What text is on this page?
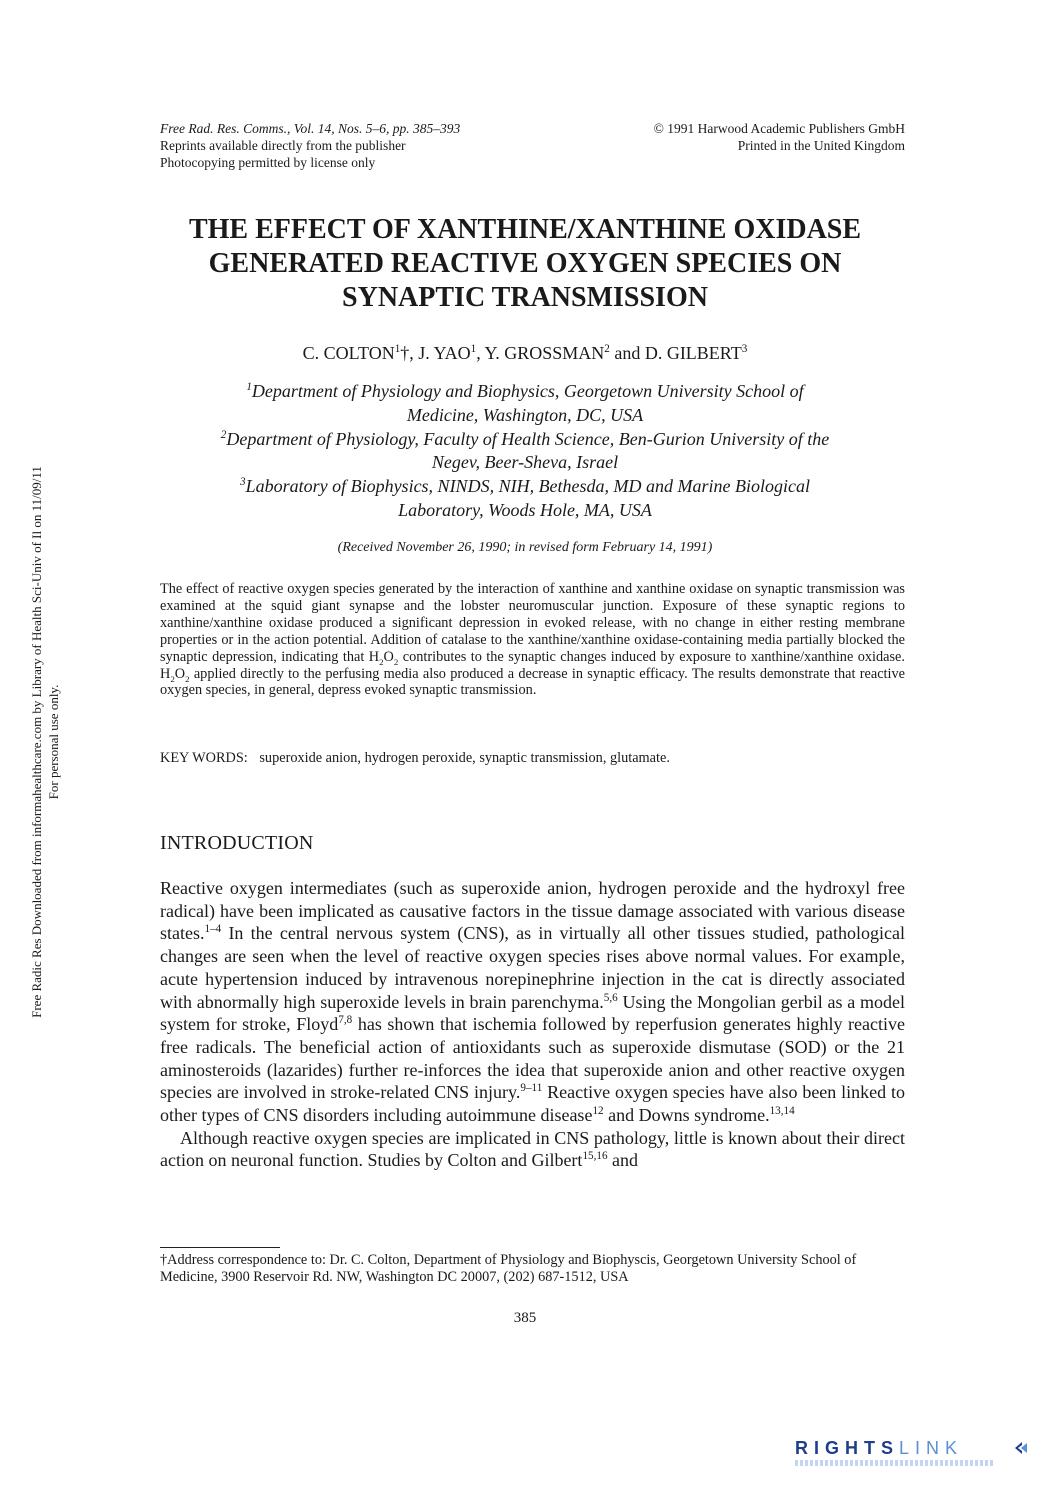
Free Radic Res Downloaded from informahealthcare.com by Library of Health Sci-Univ of Il on 11/09/11 For personal use only.
Free Rad. Res. Comms., Vol. 14, Nos. 5–6, pp. 385–393
Reprints available directly from the publisher
Photocopying permitted by license only
© 1991 Harwood Academic Publishers GmbH
Printed in the United Kingdom
THE EFFECT OF XANTHINE/XANTHINE OXIDASE
GENERATED REACTIVE OXYGEN SPECIES ON
SYNAPTIC TRANSMISSION
C. COLTON$^1$†, J. YAO$^1$, Y. GROSSMAN$^2$ and D. GILBERT$^3$

$^1$Department of Physiology and Biophysics, Georgetown University School of

Medicine, Washington, DC, USA

$^2$Department of Physiology, Faculty of Health Science, Ben-Gurion University of the

Negev, Beer-Sheva, Israel

$^3$Laboratory of Biophysics, NINDS, NIH, Bethesda, MD and Marine Biological

Laboratory, Woods Hole, MA, USA

(Received November 26, 1990; in revised form February 14, 1991)

The effect of reactive oxygen species generated by the interaction of xanthine and xanthine oxidase on synaptic transmission was examined at the squid giant synapse and the lobster neuromuscular junction. Exposure of these synaptic regions to xanthine/xanthine oxidase produced a significant depression in evoked release, with no change in either resting membrane properties or in the action potential. Addition of catalase to the xanthine/xanthine oxidase-containing media partially blocked the synaptic depression, indicating that $H_2O_2$ contributes to the synaptic changes induced by exposure to xanthine/xanthine oxidase. $H_2O_2$ applied directly to the perfusing media also produced a decrease in synaptic efficacy. The results demonstrate that reactive oxygen species, in general, depress evoked synaptic transmission.

KEY WORDS: superoxide anion, hydrogen peroxide, synaptic transmission, glutamate.

INTRODUCTION

Reactive oxygen intermediates (such as superoxide anion, hydrogen peroxide and the hydroxyl free radical) have been implicated as causative factors in the tissue damage associated with various disease states.$^{1-4}$ In the central nervous system (CNS), as in virtually all other tissues studied, pathological changes are seen when the level of reactive oxygen species rises above normal values. For example, acute hypertension induced by intravenous norepinephrine injection in the cat is directly associated with abnormally high superoxide levels in brain parenchyma.$^{5,6}$ Using the Mongolian gerbil as a model system for stroke, Floyd$^{7,8}$ has shown that ischemia followed by reperfusion generates highly reactive free radicals. The beneficial action of antioxidants such as superoxide dismutase (SOD) or the 21 aminosteroids (lazarides) further re-inforces the idea that superoxide anion and other reactive oxygen species are involved in stroke-related CNS injury.$^{9-11}$ Reactive oxygen species have also been linked to other types of CNS disorders including autoimmune disease$^{12}$ and Downs syndrome.$^{13,14}$

Although reactive oxygen species are implicated in CNS pathology, little is known about their direct action on neuronal function. Studies by Colton and Gilbert$^{15,16}$ and

†Address correspondence to: Dr. C. Colton, Department of Physiology and Biophyscis, Georgetown University School of Medicine, 3900 Reservoir Rd. NW, Washington DC 20007, (202) 687-1512, USA

385
RIGHTSLINK
